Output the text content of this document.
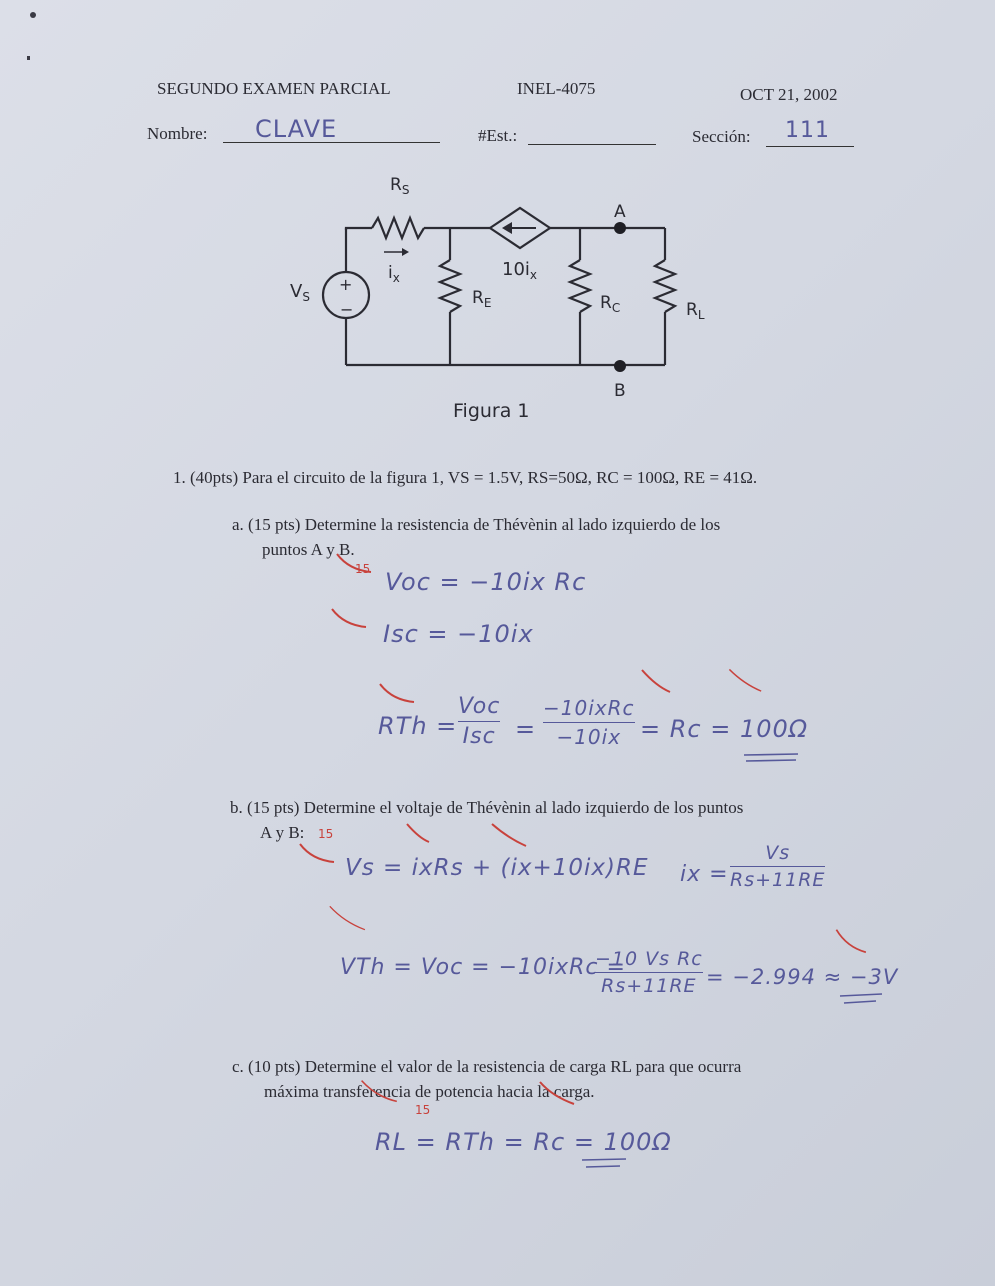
SEGUNDO EXAMEN PARCIAL	INEL-4075	OCT 21, 2002
Nombre: CLAVE	#Est.:	Sección: 111
$R_S$
$V_S$
+
−
$i_x$	$10i_x$
$R_E$	$R_C$	$R_L$
A
B
Figura 1
1. (40pts) Para el circuito de la figura 1, VS = 1.5V, RS=50Ω, RC = 100Ω, RE = 41Ω.
a. (15 pts) Determine la resistencia de Thévènin al lado izquierdo de los
puntos A y B.
15 Voc = −10ix Rc
Isc = −10ix
RTh =
Voc
Isc =
−10ixRc
−10ix = Rc = 100Ω
b. (15 pts) Determine el voltaje de Thévènin al lado izquierdo de los puntos
A y B: 15
Vs = ixRs + (ix+10ix)RE ix =
Vs
Rs+11RE
VTh = Voc = −10ixRc =
−10 Vs Rc
Rs+11RE = −2.994 ≈ −3V
c. (10 pts) Determine el valor de la resistencia de carga RL para que ocurra
máxima transferencia de potencia hacia la carga.
15
RL = RTh = Rc = 100Ω
